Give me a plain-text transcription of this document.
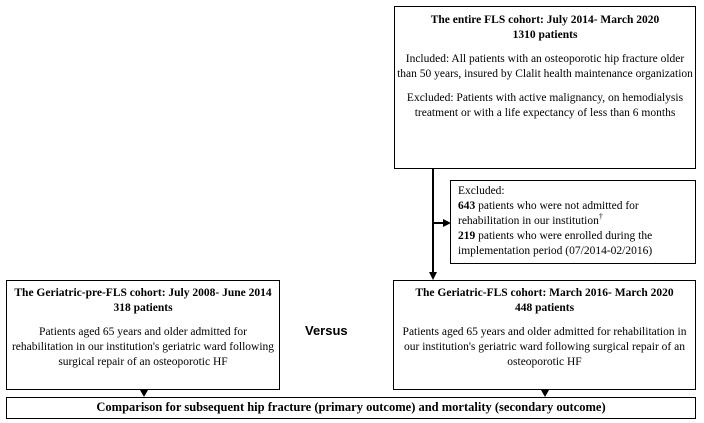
The entire FLS cohort: July 2014- March 2020

1310 patients

Included: All patients with an osteoporotic hip fracture older than 50 years, insured by Clalit health maintenance organization

Excluded: Patients with active malignancy, on hemodialysis treatment or with a life expectancy of less than 6 months

Excluded:

643 patients who were not admitted for rehabilitation in our institution†

219 patients who were enrolled during the implementation period (07/2014-02/2016)

The Geriatric-pre-FLS cohort: July 2008- June 2014

318 patients

Patients aged 65 years and older admitted for rehabilitation in our institution's geriatric ward following surgical repair of an osteoporotic HF

The Geriatric-FLS cohort: March 2016- March 2020

448 patients

Patients aged 65 years and older admitted for rehabilitation in our institution's geriatric ward following surgical repair of an osteoporotic HF

Versus
Comparison for subsequent hip fracture (primary outcome) and mortality (secondary outcome)
